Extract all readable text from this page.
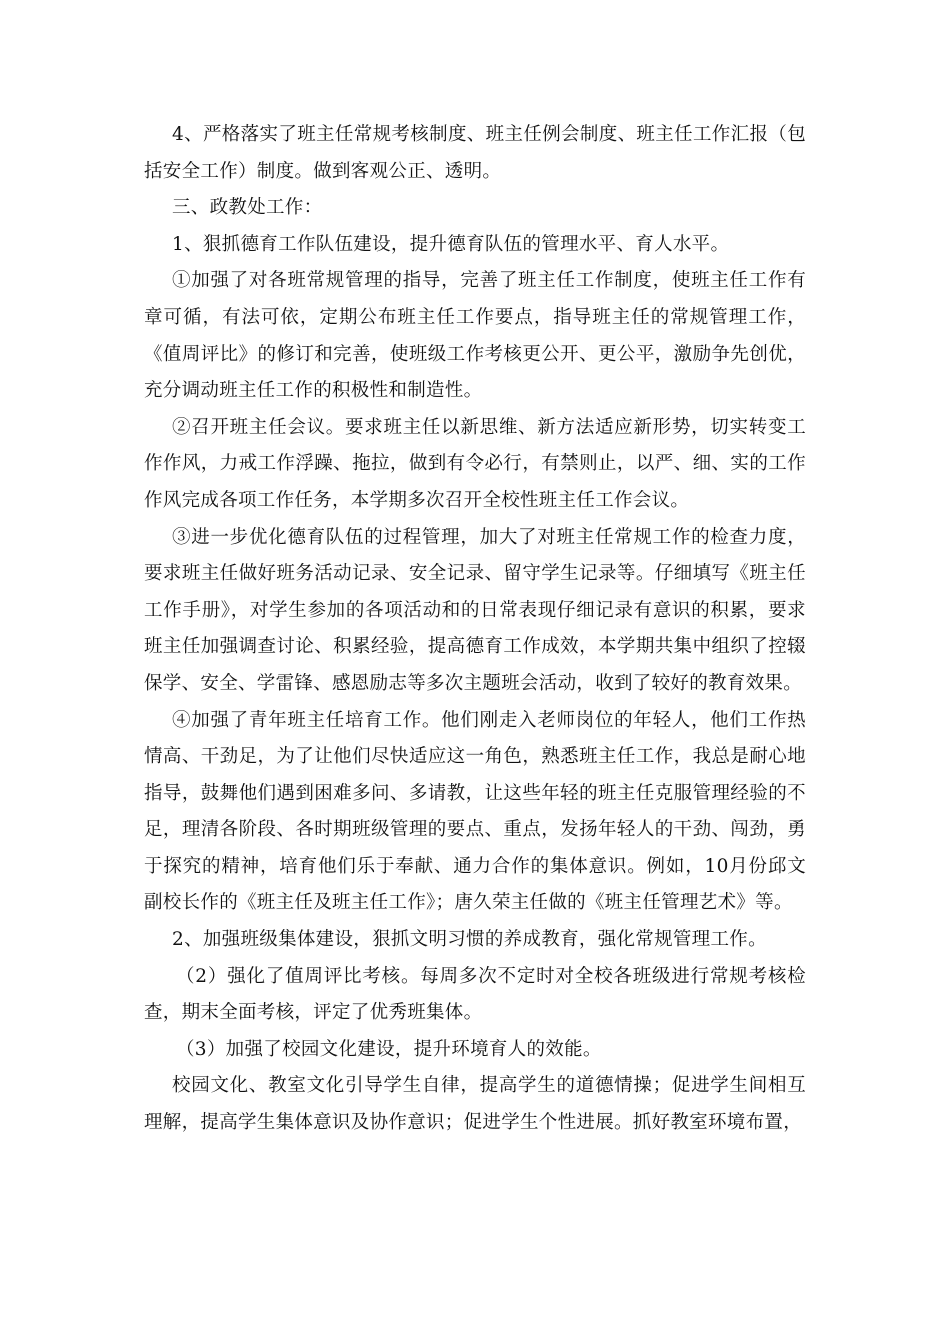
4、严格落实了班主任常规考核制度、班主任例会制度、班主任工作汇报（包括安全工作）制度。做到客观公正、透明。

三、政教处工作：

1、狠抓德育工作队伍建设，提升德育队伍的管理水平、育人水平。

①加强了对各班常规管理的指导，完善了班主任工作制度，使班主任工作有章可循，有法可依，定期公布班主任工作要点，指导班主任的常规管理工作，《值周评比》的修订和完善，使班级工作考核更公开、更公平，激励争先创优，充分调动班主任工作的积极性和制造性。

②召开班主任会议。要求班主任以新思维、新方法适应新形势，切实转变工作作风，力戒工作浮躁、拖拉，做到有令必行，有禁则止，以严、细、实的工作作风完成各项工作任务，本学期多次召开全校性班主任工作会议。

③进一步优化德育队伍的过程管理，加大了对班主任常规工作的检查力度，要求班主任做好班务活动记录、安全记录、留守学生记录等。仔细填写《班主任工作手册》，对学生参加的各项活动和的日常表现仔细记录有意识的积累，要求班主任加强调查讨论、积累经验，提高德育工作成效，本学期共集中组织了控辍保学、安全、学雷锋、感恩励志等多次主题班会活动，收到了较好的教育效果。

④加强了青年班主任培育工作。他们刚走入老师岗位的年轻人，他们工作热情高、干劲足，为了让他们尽快适应这一角色，熟悉班主任工作，我总是耐心地指导，鼓舞他们遇到困难多问、多请教，让这些年轻的班主任克服管理经验的不足，理清各阶段、各时期班级管理的要点、重点，发扬年轻人的干劲、闯劲，勇于探究的精神，培育他们乐于奉献、通力合作的集体意识。例如，10月份邱文副校长作的《班主任及班主任工作》；唐久荣主任做的《班主任管理艺术》等。

2、加强班级集体建设，狠抓文明习惯的养成教育，强化常规管理工作。

（2）强化了值周评比考核。每周多次不定时对全校各班级进行常规考核检查，期末全面考核，评定了优秀班集体。

（3）加强了校园文化建设，提升环境育人的效能。

校园文化、教室文化引导学生自律，提高学生的道德情操；促进学生间相互理解，提高学生集体意识及协作意识；促进学生个性进展。抓好教室环境布置，
